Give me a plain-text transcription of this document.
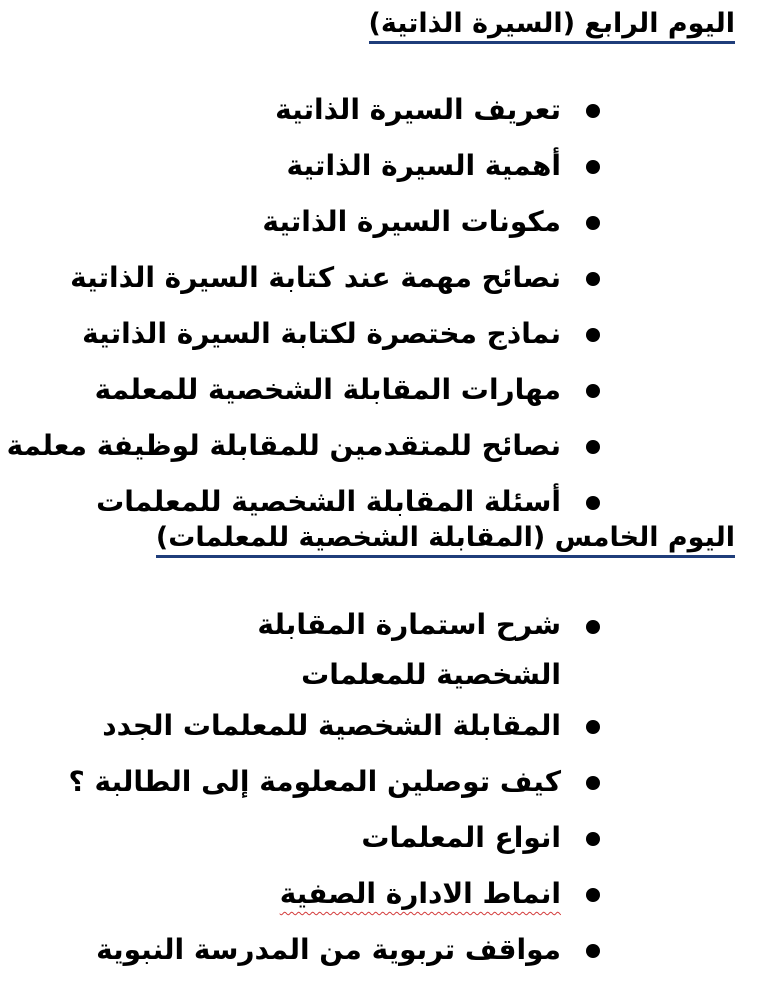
اليوم الرابع (السيرة الذاتية)
تعريف السيرة الذاتية
أهمية السيرة الذاتية
مكونات السيرة الذاتية
نصائح مهمة عند كتابة السيرة الذاتية
نماذج مختصرة لكتابة السيرة الذاتية
مهارات المقابلة الشخصية للمعلمة
نصائح للمتقدمين للمقابلة لوظيفة معلمة
أسئلة المقابلة الشخصية للمعلمات
اليوم الخامس (المقابلة الشخصية للمعلمات)
شرح استمارة المقابلة الشخصية للمعلمات
المقابلة الشخصية للمعلمات الجدد
كيف توصلين المعلومة إلى الطالبة ؟
انواع المعلمات
انماط الادارة الصفية
مواقف تربوية من المدرسة النبوية
